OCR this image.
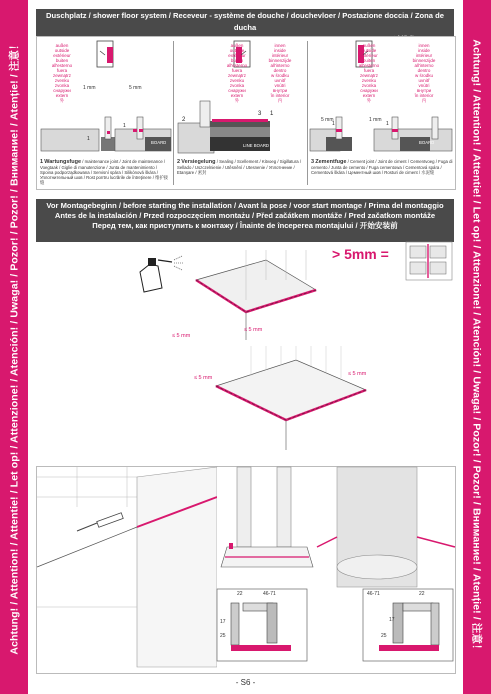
Achtung! / Attention! / Attentie! / Let op! / Attenzione! / Atención! / Uwaga! / Pozor! / Pozor! / Внимание! / Atenție! / 注意！
Duschplatz / shower floor system / Receveur - système de douche / douchevloer / Postazione doccia / Zona de ducha
1
1
außen
outside
extérieur
buiten
all'esterno
fuera
zewnątrz
zvenku
zvonka
снаружи
extern
外
1 mm	5 mm
BOARD
2
3 1
außen
outside
extérieur
buiten
all'esterno
fuera
zewnątrz
zvenku
zvonka
снаружи
extern
外
innen
inside
intérieur
binnenzijde
all'interno
dentro
w środku
uvnitř
vnútri
внутри
în interior
内
LINE BOARD
1	1
außen
outside
extérieur
buiten
all'esterno
fuera
zewnątrz
zvenku
zvonka
снаружи
extern
外
innen
inside
intérieur
binnenzijde
all'interno
dentro
w środku
uvnitř
vnútri
внутри
în interior
内
5 mm	1 mm
BOARD
1 Wartungsfuge / maintenance joint / Joint de maintenance / Voegtaak / Giglie di manutenzione / Junta de mantenimiento / Spoina podporządkowana / Servisní spára / Silikónová škára / Уплотнительный шов / Rost porrtru lucrările de întreţinere / 维护接缝
2 Versiegelung / Sealing / Scellement / Kitvoeg / Sigillatura / Sellado / Uszczelnienie / Utěsnění / Utesnenie / Уплотнение / Etanşare / 密封
3 Zementfuge / Cement joint / Joint de ciment / Cementvoeg / Fuga di cemento / Junta de cemento / Fuga cementowa / Cementová spára / Cementová škára / Цементный шов / Rosturi de ciment / 水泥缝
Vor Montagebeginn / before starting the installation / Avant la pose / voor start montage / Prima del montaggio
Antes de la instalación / Przed rozpoczęciem montażu / Před začátkem montáže / Pred začatkom montáže
Перед тем, как приступить к монтажу / Înainte de începerea montajului / 开始安装前
> 5mm =
≤ 5 mm
≤ 5 mm
≤ 5 mm
≤ 5 mm
22	46-71
17
25
46-71	22
17
25
- S6 -
Achtung! / Attention! / Attentie! / Let op! / Attenzione! / Atención! / Uwaga! / Pozor! / Pozor! / Внимание! / Atenție! / 注意！
